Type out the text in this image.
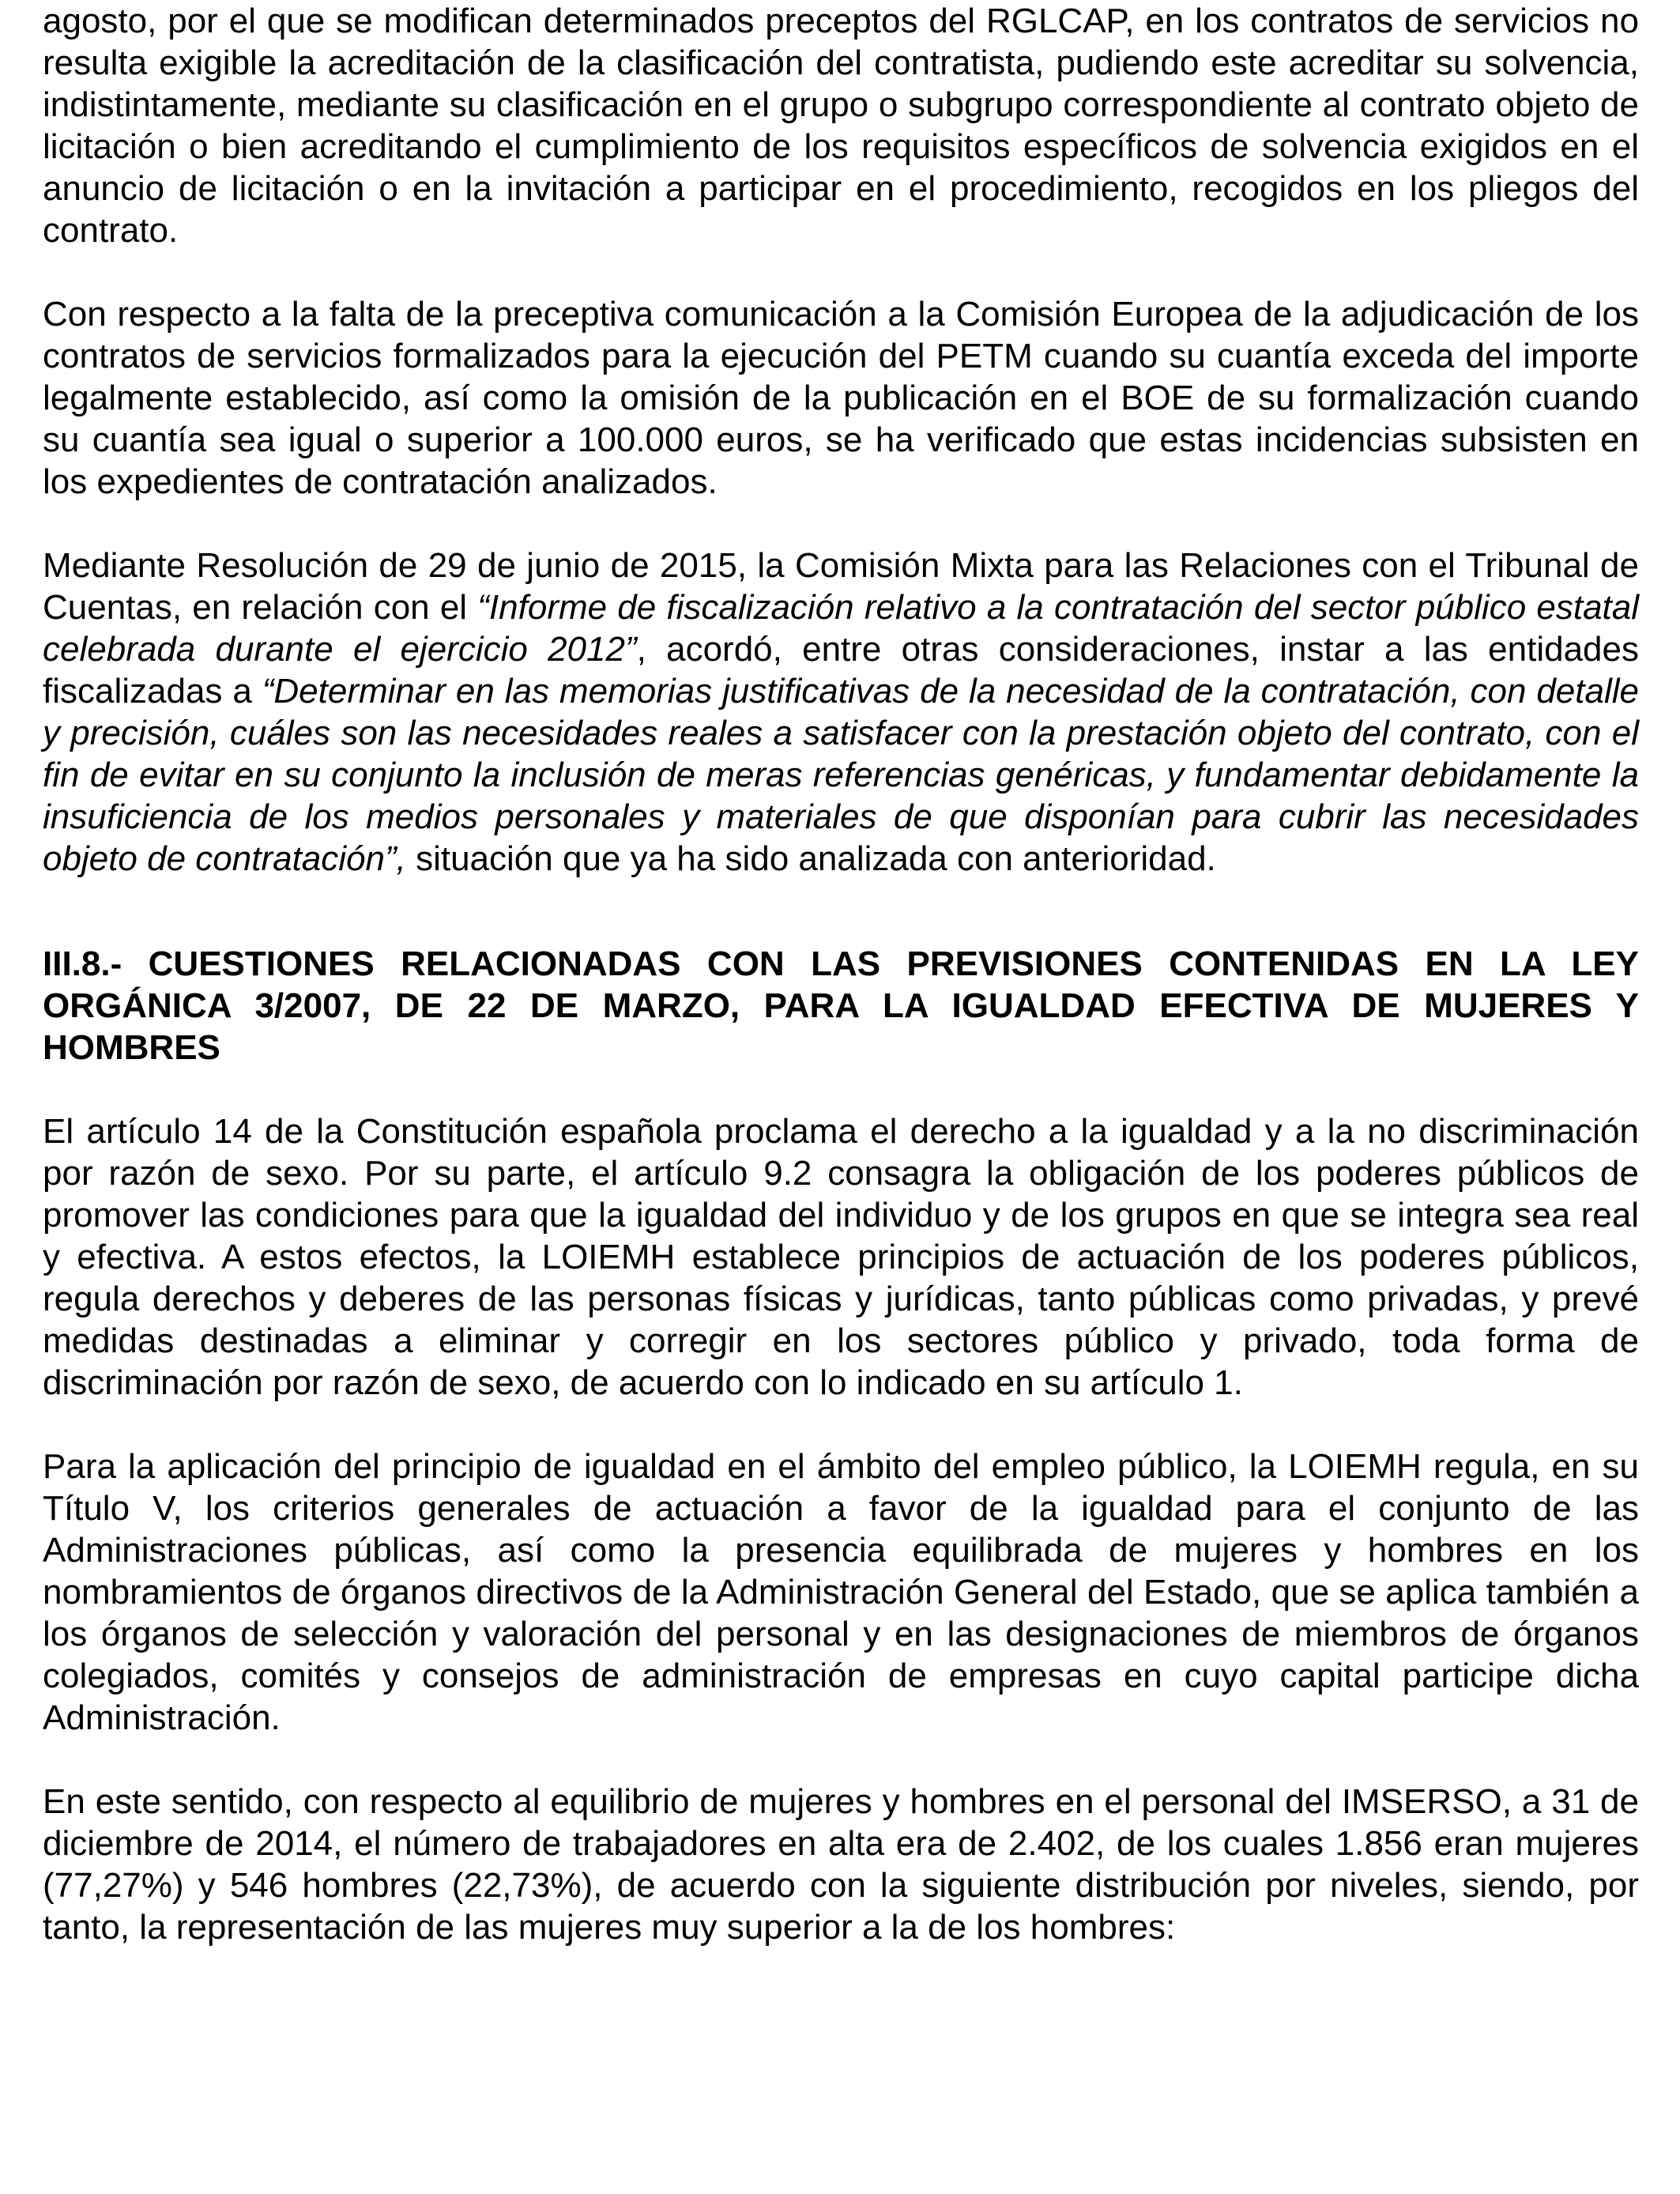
agosto, por el que se modifican determinados preceptos del RGLCAP, en los contratos de servicios no resulta exigible la acreditación de la clasificación del contratista, pudiendo este acreditar su solvencia, indistintamente, mediante su clasificación en el grupo o subgrupo correspondiente al contrato objeto de licitación o bien acreditando el cumplimiento de los requisitos específicos de solvencia exigidos en el anuncio de licitación o en la invitación a participar en el procedimiento, recogidos en los pliegos del contrato.

Con respecto a la falta de la preceptiva comunicación a la Comisión Europea de la adjudicación de los contratos de servicios formalizados para la ejecución del PETM cuando su cuantía exceda del importe legalmente establecido, así como la omisión de la publicación en el BOE de su formalización cuando su cuantía sea igual o superior a 100.000 euros, se ha verificado que estas incidencias subsisten en los expedientes de contratación analizados.

Mediante Resolución de 29 de junio de 2015, la Comisión Mixta para las Relaciones con el Tribunal de Cuentas, en relación con el “Informe de fiscalización relativo a la contratación del sector público estatal celebrada durante el ejercicio 2012”, acordó, entre otras consideraciones, instar a las entidades fiscalizadas a “Determinar en las memorias justificativas de la necesidad de la contratación, con detalle y precisión, cuáles son las necesidades reales a satisfacer con la prestación objeto del contrato, con el fin de evitar en su conjunto la inclusión de meras referencias genéricas, y fundamentar debidamente la insuficiencia de los medios personales y materiales de que disponían para cubrir las necesidades objeto de contratación”, situación que ya ha sido analizada con anterioridad.

III.8.- CUESTIONES RELACIONADAS CON LAS PREVISIONES CONTENIDAS EN LA LEY ORGÁNICA 3/2007, DE 22 DE MARZO, PARA LA IGUALDAD EFECTIVA DE MUJERES Y HOMBRES

El artículo 14 de la Constitución española proclama el derecho a la igualdad y a la no discriminación por razón de sexo. Por su parte, el artículo 9.2 consagra la obligación de los poderes públicos de promover las condiciones para que la igualdad del individuo y de los grupos en que se integra sea real y efectiva. A estos efectos, la LOIEMH establece principios de actuación de los poderes públicos, regula derechos y deberes de las personas físicas y jurídicas, tanto públicas como privadas, y prevé medidas destinadas a eliminar y corregir en los sectores público y privado, toda forma de discriminación por razón de sexo, de acuerdo con lo indicado en su artículo 1.

Para la aplicación del principio de igualdad en el ámbito del empleo público, la LOIEMH regula, en su Título V, los criterios generales de actuación a favor de la igualdad para el conjunto de las Administraciones públicas, así como la presencia equilibrada de mujeres y hombres en los nombramientos de órganos directivos de la Administración General del Estado, que se aplica también a los órganos de selección y valoración del personal y en las designaciones de miembros de órganos colegiados, comités y consejos de administración de empresas en cuyo capital participe dicha Administración.

En este sentido, con respecto al equilibrio de mujeres y hombres en el personal del IMSERSO, a 31 de diciembre de 2014, el número de trabajadores en alta era de 2.402, de los cuales 1.856 eran mujeres (77,27%) y 546 hombres (22,73%), de acuerdo con la siguiente distribución por niveles, siendo, por tanto, la representación de las mujeres muy superior a la de los hombres:
